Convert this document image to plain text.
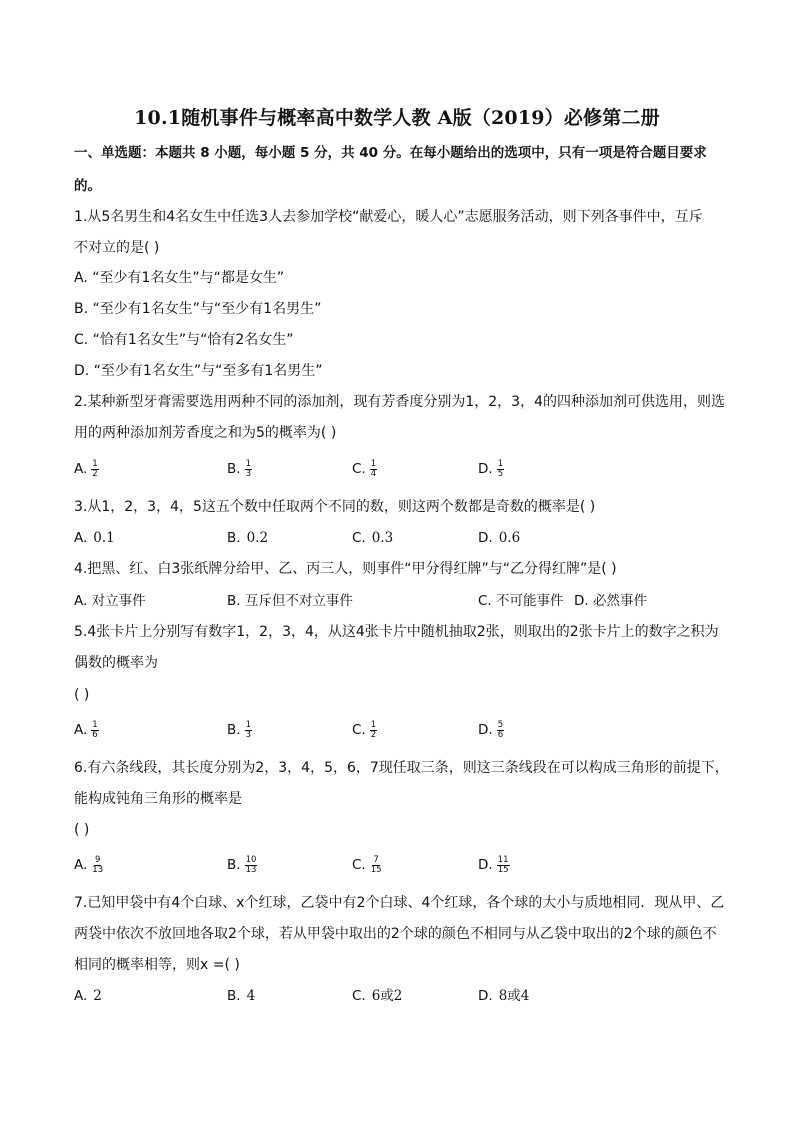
10.1随机事件与概率高中数学人教 A版（2019）必修第二册
一、单选题：本题共 8 小题，每小题 5 分，共 40 分。在每小题给出的选项中，只有一项是符合题目要求
的。
1.从5名男生和4名女生中任选3人去参加学校“献爱心，暖人心”志愿服务活动，则下列各事件中，互斥
不对立的是( )
A. “至少有1名女生”与“都是女生”
B. “至少有1名女生”与“至少有1名男生”
C. “恰有1名女生”与“恰有2名女生”
D. “至少有1名女生”与“至多有1名男生”
2.某种新型牙膏需要选用两种不同的添加剂，现有芳香度分别为1，2，3，4的四种添加剂可供选用，则选
用的两种添加剂芳香度之和为5的概率为( )
A. $\frac{1}{2}$	B. $\frac{1}{3}$	C. $\frac{1}{4}$	D. $\frac{1}{5}$
3.从1，2，3，4，5这五个数中任取两个不同的数，则这两个数都是奇数的概率是( )
A. 0.1	B. 0.2	C. 0.3	D. 0.6
4.把黑、红、白3张纸牌分给甲、乙、丙三人，则事件“甲分得红牌”与“乙分得红牌”是( )
A. 对立事件	B. 互斥但不对立事件	C. 不可能事件 D. 必然事件
5.4张卡片上分别写有数字1，2，3，4，从这4张卡片中随机抽取2张，则取出的2张卡片上的数字之积为
偶数的概率为
( )
A. $\frac{1}{6}$	B. $\frac{1}{3}$	C. $\frac{1}{2}$	D. $\frac{5}{6}$
6.有六条线段，其长度分别为2，3，4，5，6，7现任取三条，则这三条线段在可以构成三角形的前提下，
能构成钝角三角形的概率是
( )
A. $\frac{9}{13}$	B. $\frac{10}{13}$	C. $\frac{7}{15}$	D. $\frac{11}{15}$
7.已知甲袋中有4个白球、x个红球，乙袋中有2个白球、4个红球，各个球的大小与质地相同．现从甲、乙
两袋中依次不放回地各取2个球，若从甲袋中取出的2个球的颜色不相同与从乙袋中取出的2个球的颜色不
相同的概率相等，则x =( )
A. 2	B. 4	C. 6或2	D. 8或4
